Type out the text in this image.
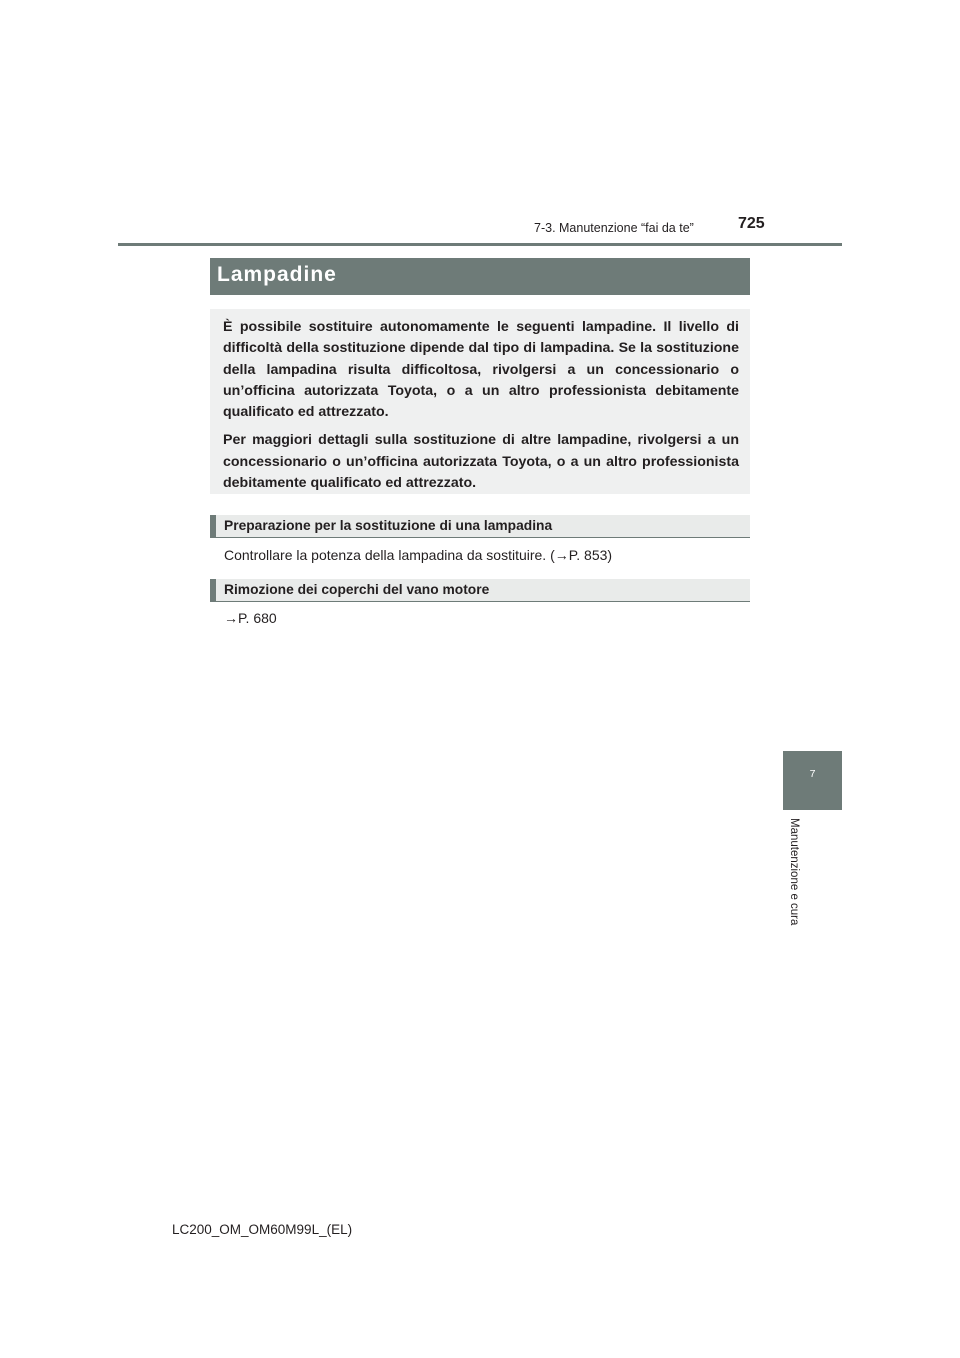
7-3. Manutenzione “fai da te”	725
Lampadine

È possibile sostituire autonomamente le seguenti lampadine. Il livello di difficoltà della sostituzione dipende dal tipo di lampadina. Se la sostituzione della lampadina risulta difficoltosa, rivolgersi a un concessionario o un’officina autorizzata Toyota, o a un altro professionista debitamente qualificato ed attrezzato.

Per maggiori dettagli sulla sostituzione di altre lampadine, rivolgersi a un concessionario o un’officina autorizzata Toyota, o a un altro professionista debitamente qualificato ed attrezzato.

Preparazione per la sostituzione di una lampadina
Controllare la potenza della lampadina da sostituire. (→P. 853)
Rimozione dei coperchi del vano motore
→P. 680
7
Manutenzione e cura
LC200_OM_OM60M99L_(EL)
